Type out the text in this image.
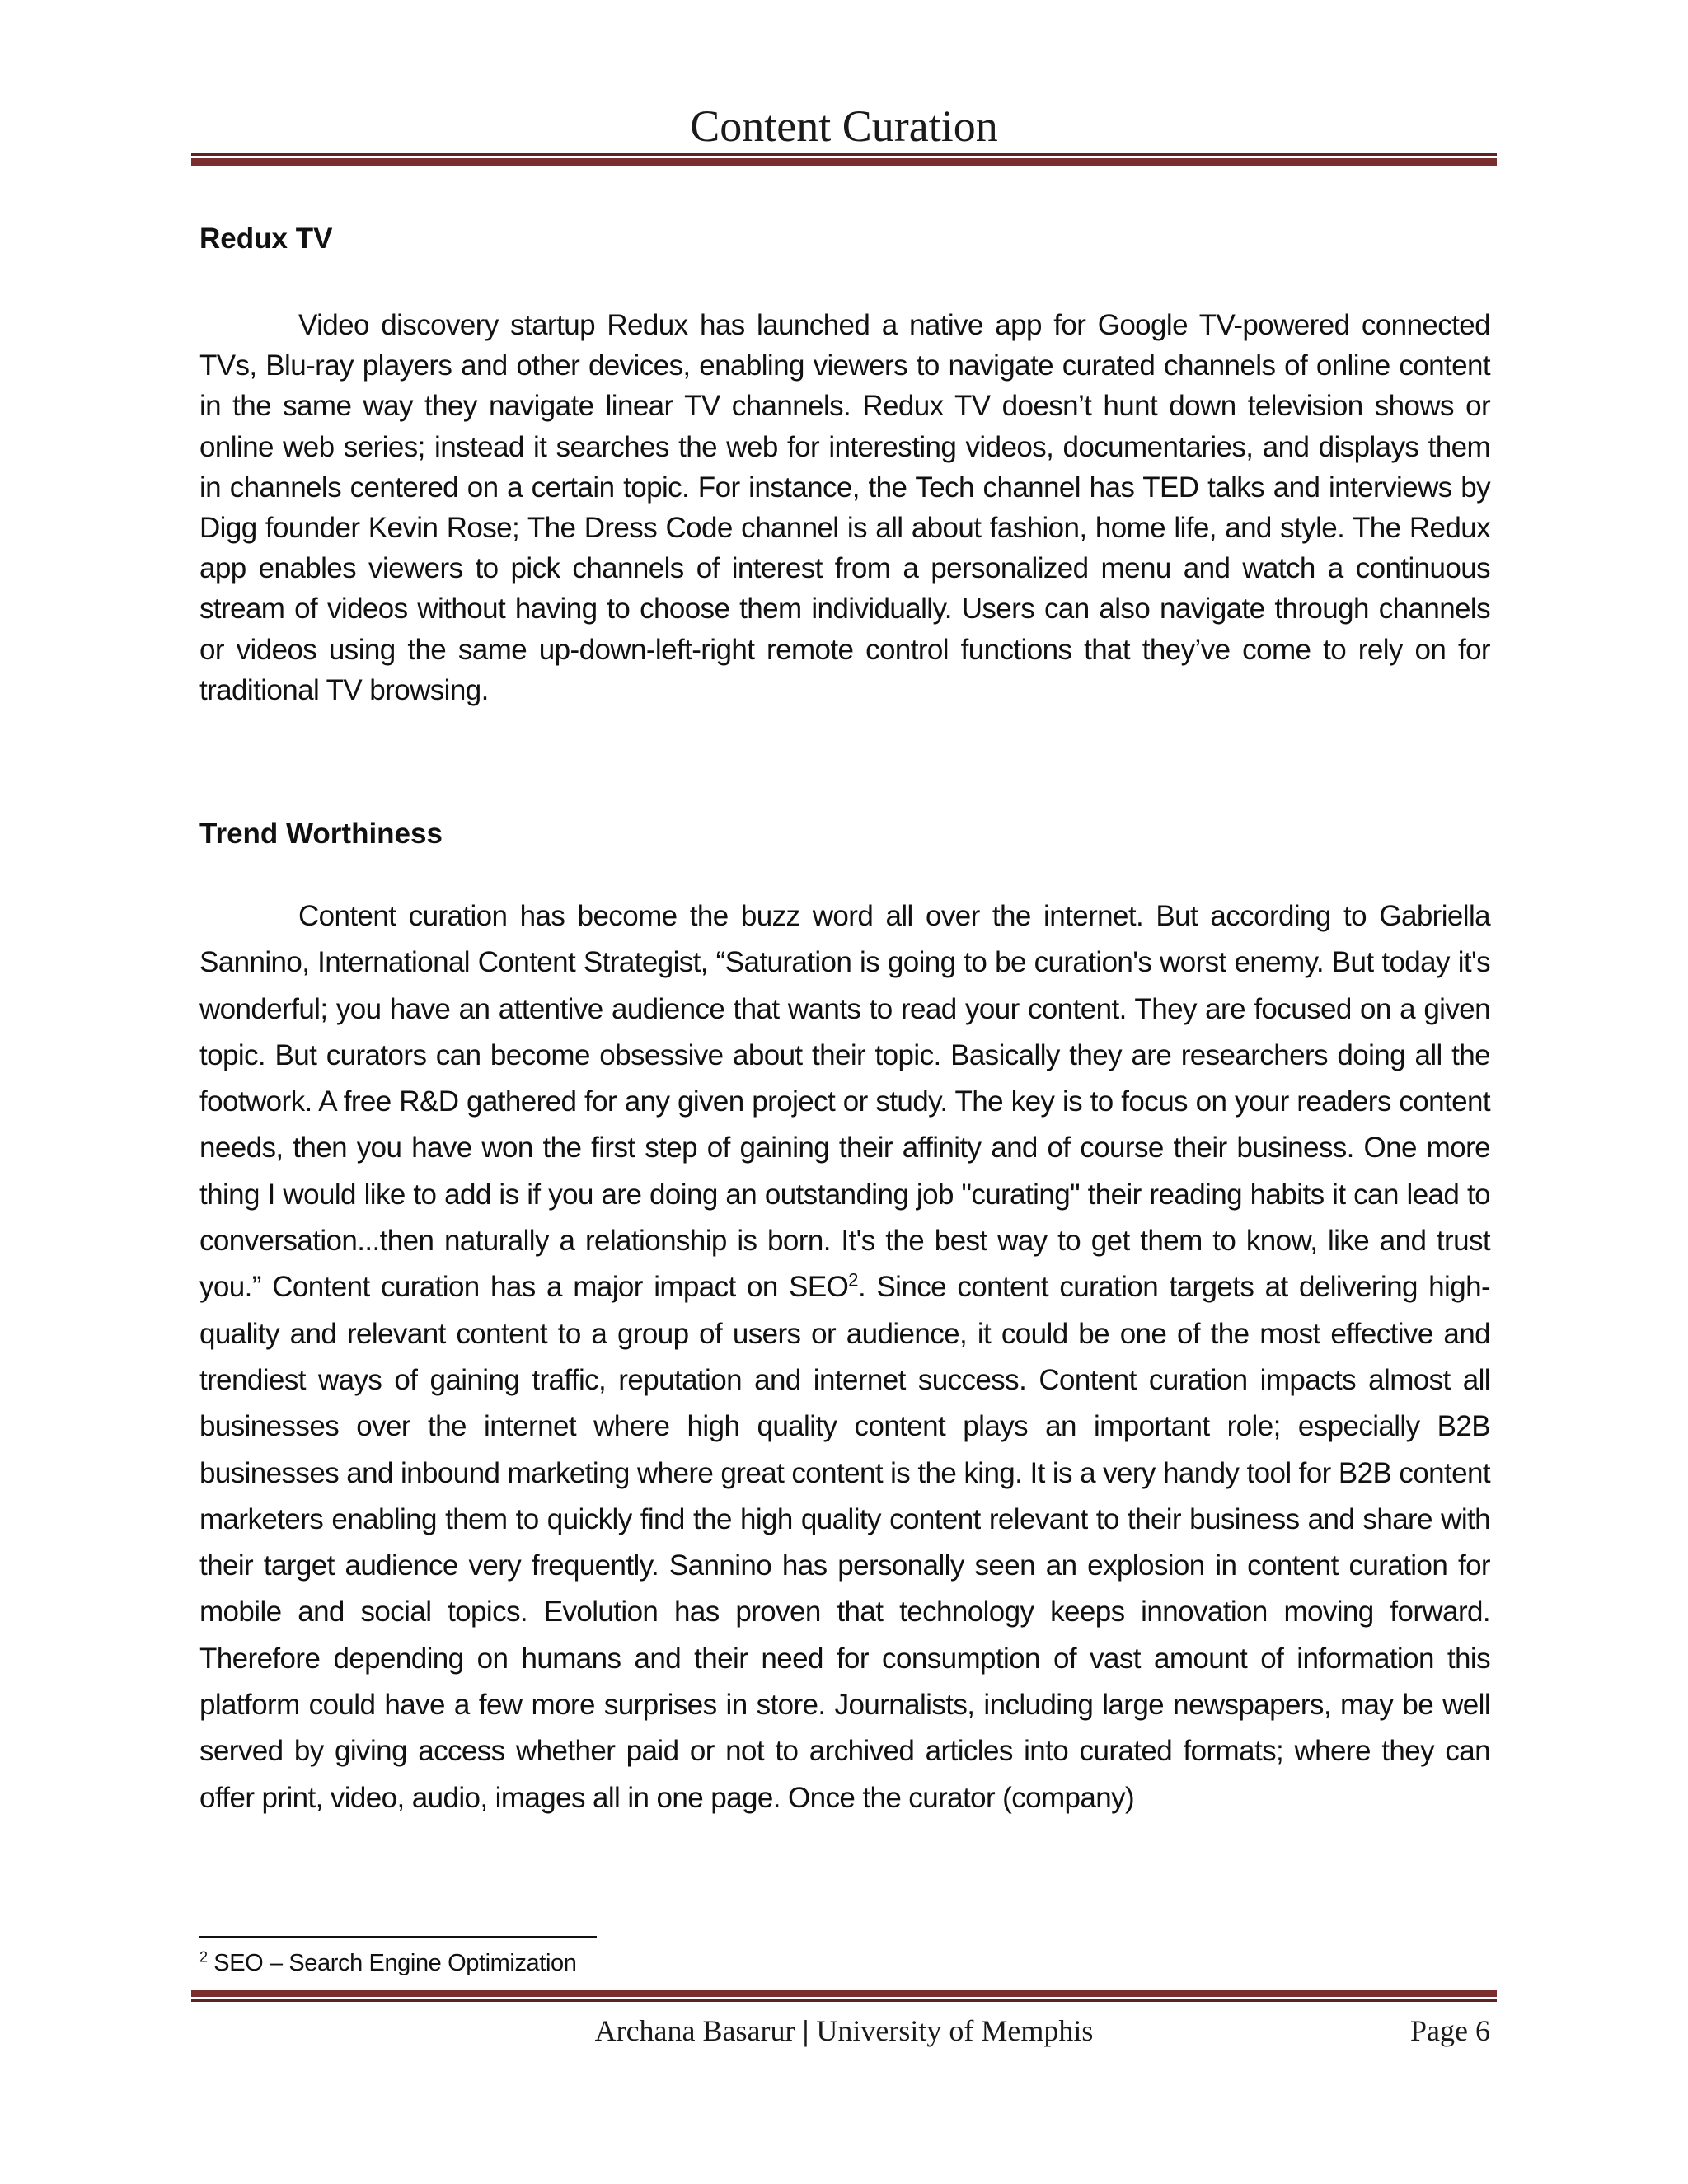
Content Curation
Redux TV

Video discovery startup Redux has launched a native app for Google TV-powered connected TVs, Blu-ray players and other devices, enabling viewers to navigate curated channels of online content in the same way they navigate linear TV channels. Redux TV doesn’t hunt down television shows or online web series; instead it searches the web for interesting videos, documentaries, and displays them in channels centered on a certain topic. For instance, the Tech channel has TED talks and interviews by Digg founder Kevin Rose; The Dress Code channel is all about fashion, home life, and style. The Redux app enables viewers to pick channels of interest from a personalized menu and watch a continuous stream of videos without having to choose them individually. Users can also navigate through channels or videos using the same up-down-left-right remote control functions that they’ve come to rely on for traditional TV browsing.

Trend Worthiness

Content curation has become the buzz word all over the internet. But according to Gabriella Sannino, International Content Strategist, “Saturation is going to be curation's worst enemy. But today it's wonderful; you have an attentive audience that wants to read your content. They are focused on a given topic. But curators can become obsessive about their topic. Basically they are researchers doing all the footwork. A free R&D gathered for any given project or study. The key is to focus on your readers content needs, then you have won the first step of gaining their affinity and of course their business. One more thing I would like to add is if you are doing an outstanding job "curating" their reading habits it can lead to conversation...then naturally a relationship is born. It's the best way to get them to know, like and trust you.” Content curation has a major impact on SEO$^2$. Since content curation targets at delivering high-quality and relevant content to a group of users or audience, it could be one of the most effective and trendiest ways of gaining traffic, reputation and internet success. Content curation impacts almost all businesses over the internet where high quality content plays an important role; especially B2B businesses and inbound marketing where great content is the king. It is a very handy tool for B2B content marketers enabling them to quickly find the high quality content relevant to their business and share with their target audience very frequently. Sannino has personally seen an explosion in content curation for mobile and social topics. Evolution has proven that technology keeps innovation moving forward. Therefore depending on humans and their need for consumption of vast amount of information this platform could have a few more surprises in store. Journalists, including large newspapers, may be well served by giving access whether paid or not to archived articles into curated formats; where they can offer print, video, audio, images all in one page. Once the curator (company)

$^2$ SEO – Search Engine Optimization

Archana Basarur | University of Memphis	Page 6
